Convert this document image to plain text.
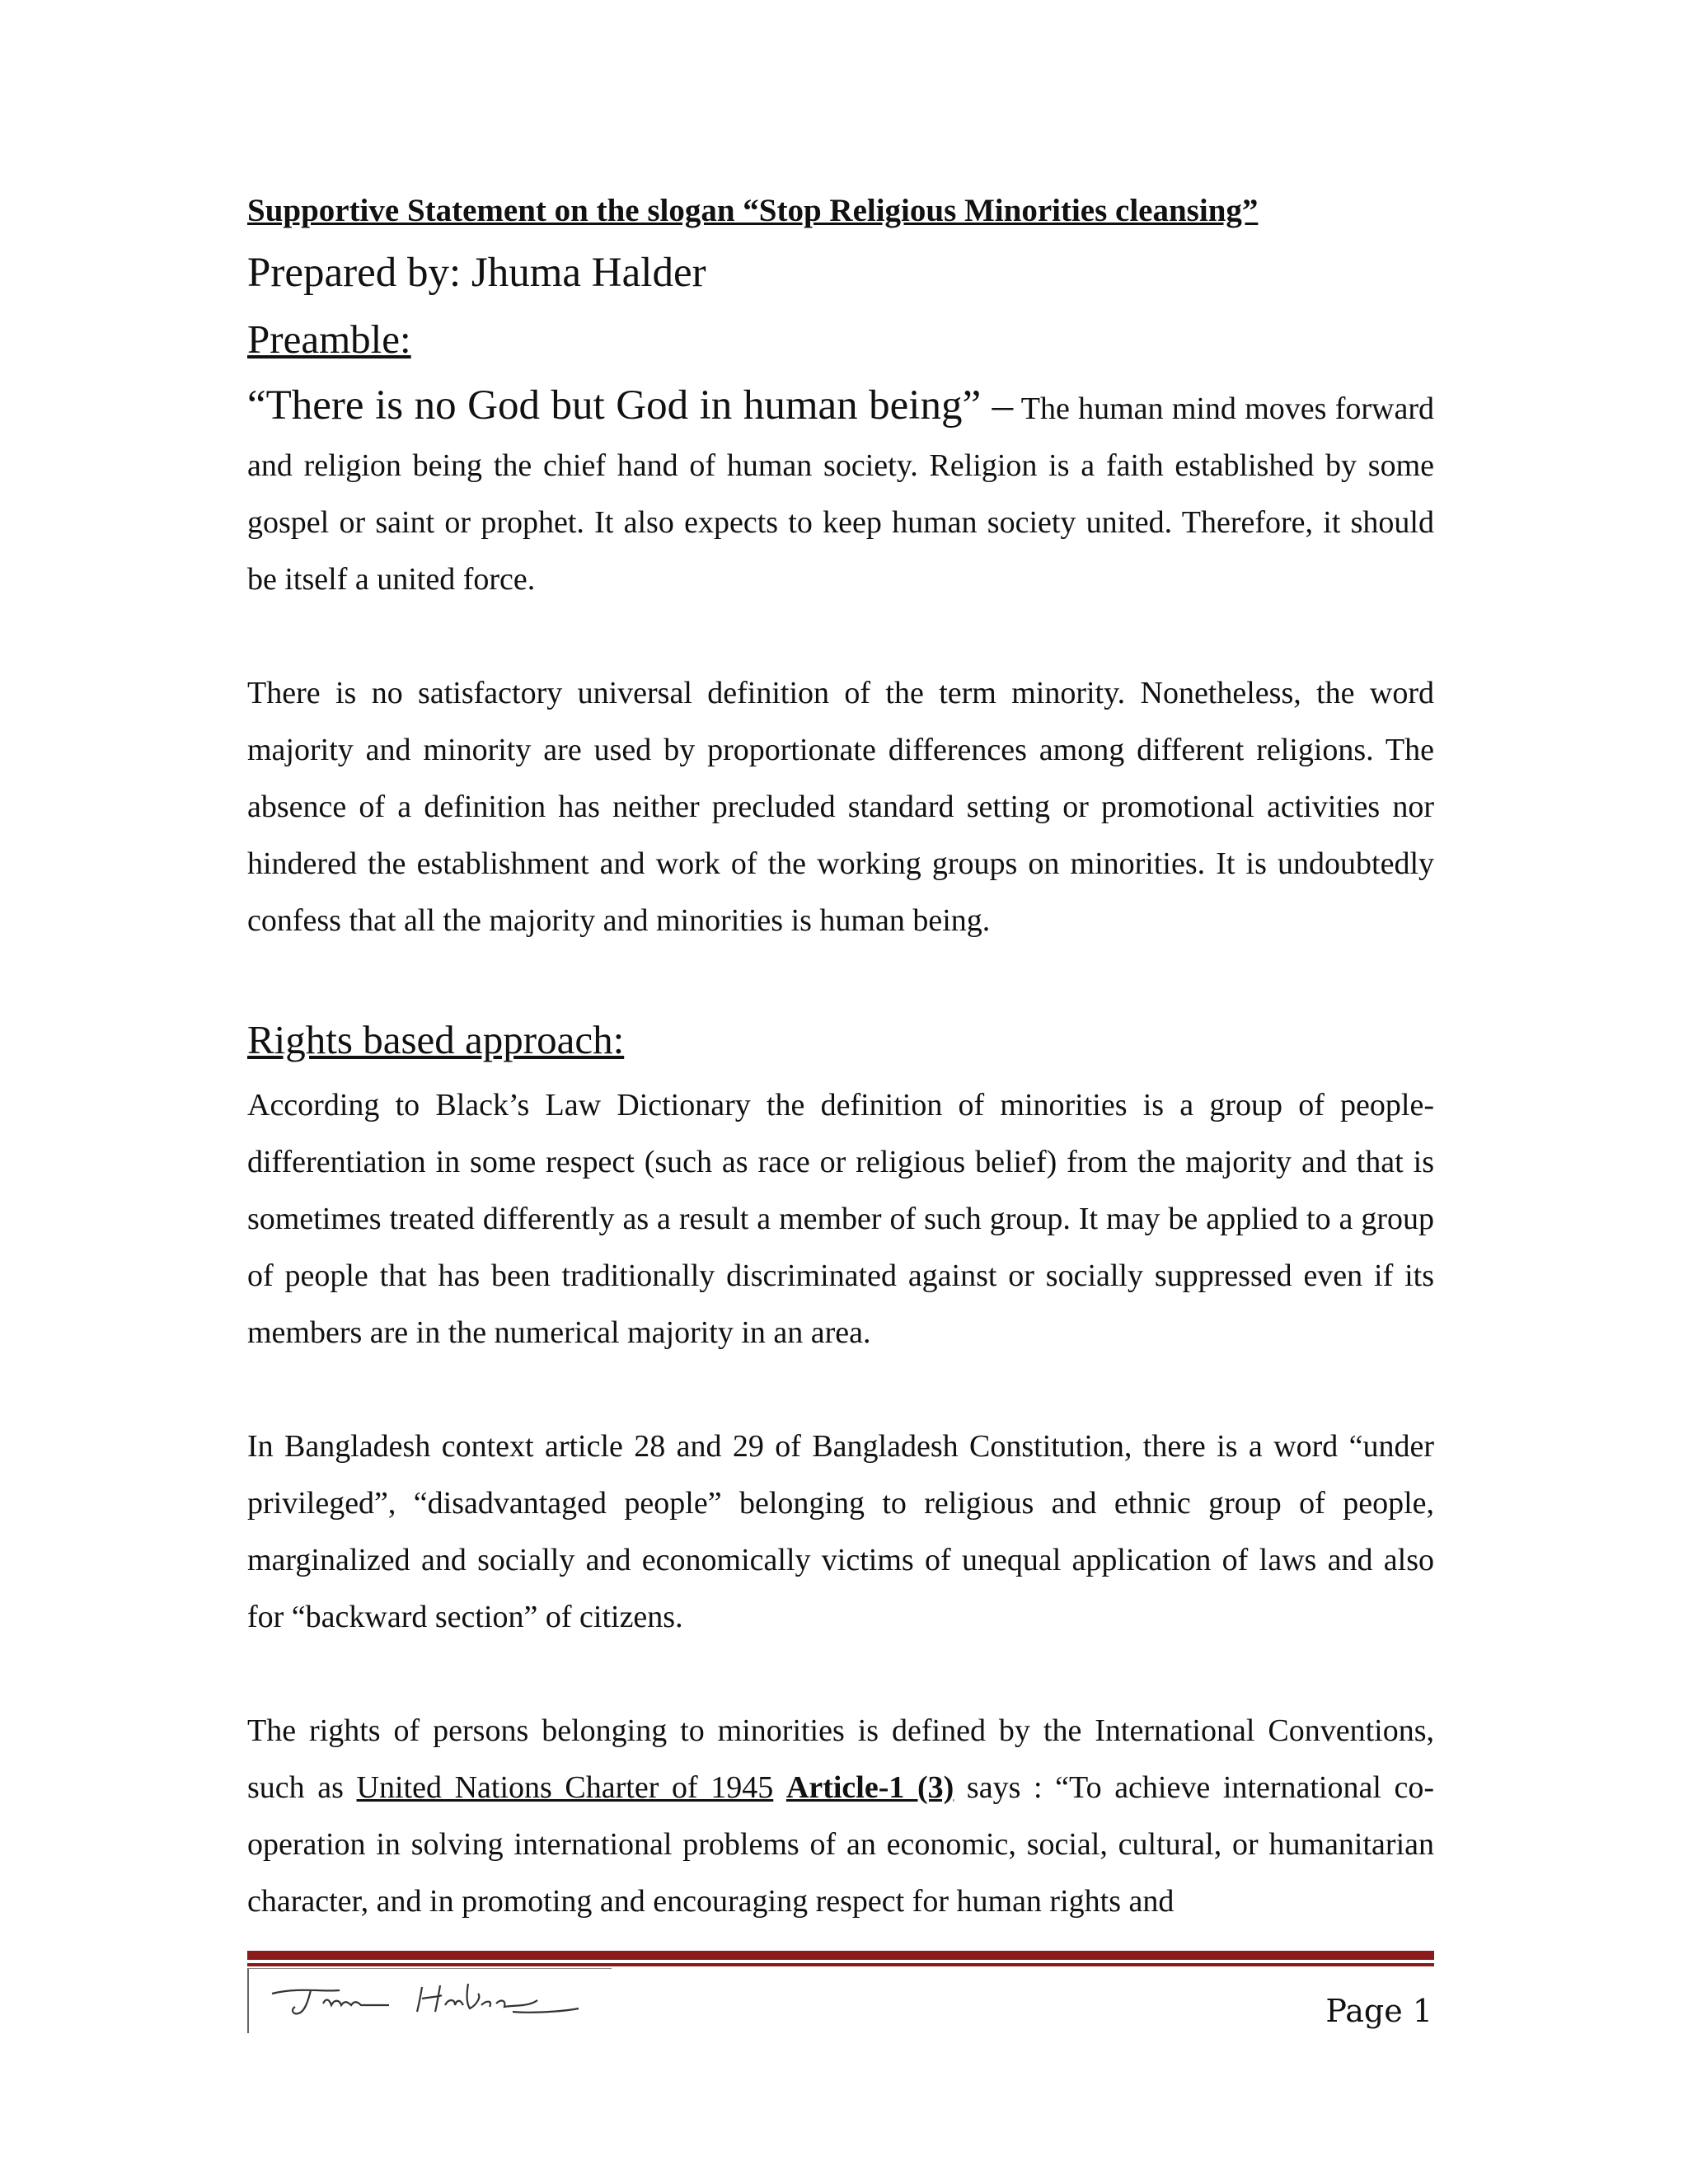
Supportive Statement on the slogan “Stop Religious Minorities cleansing”
Prepared by: Jhuma Halder
Preamble:

“There is no God but God in human being” – The human mind moves forward and religion being the chief hand of human society. Religion is a faith established by some gospel or saint or prophet. It also expects to keep human society united. Therefore, it should be itself a united force.

There is no satisfactory universal definition of the term minority. Nonetheless, the word majority and minority are used by proportionate differences among different religions. The absence of a definition has neither precluded standard setting or promotional activities nor hindered the establishment and work of the working groups on minorities. It is undoubtedly confess that all the majority and minorities is human being.

Rights based approach:

According to Black’s Law Dictionary the definition of minorities is a group of people-differentiation in some respect (such as race or religious belief) from the majority and that is sometimes treated differently as a result a member of such group. It may be applied to a group of people that has been traditionally discriminated against or socially suppressed even if its members are in the numerical majority in an area.

In Bangladesh context article 28 and 29 of Bangladesh Constitution, there is a word “under privileged”, “disadvantaged people” belonging to religious and ethnic group of people, marginalized and socially and economically victims of unequal application of laws and also for “backward section” of citizens.

The rights of persons belonging to minorities is defined by the International Conventions, such as United Nations Charter of 1945 Article-1 (3) says : “To achieve international co-operation in solving international problems of an economic, social, cultural, or humanitarian character, and in promoting and encouraging respect for human rights and

Page 1
